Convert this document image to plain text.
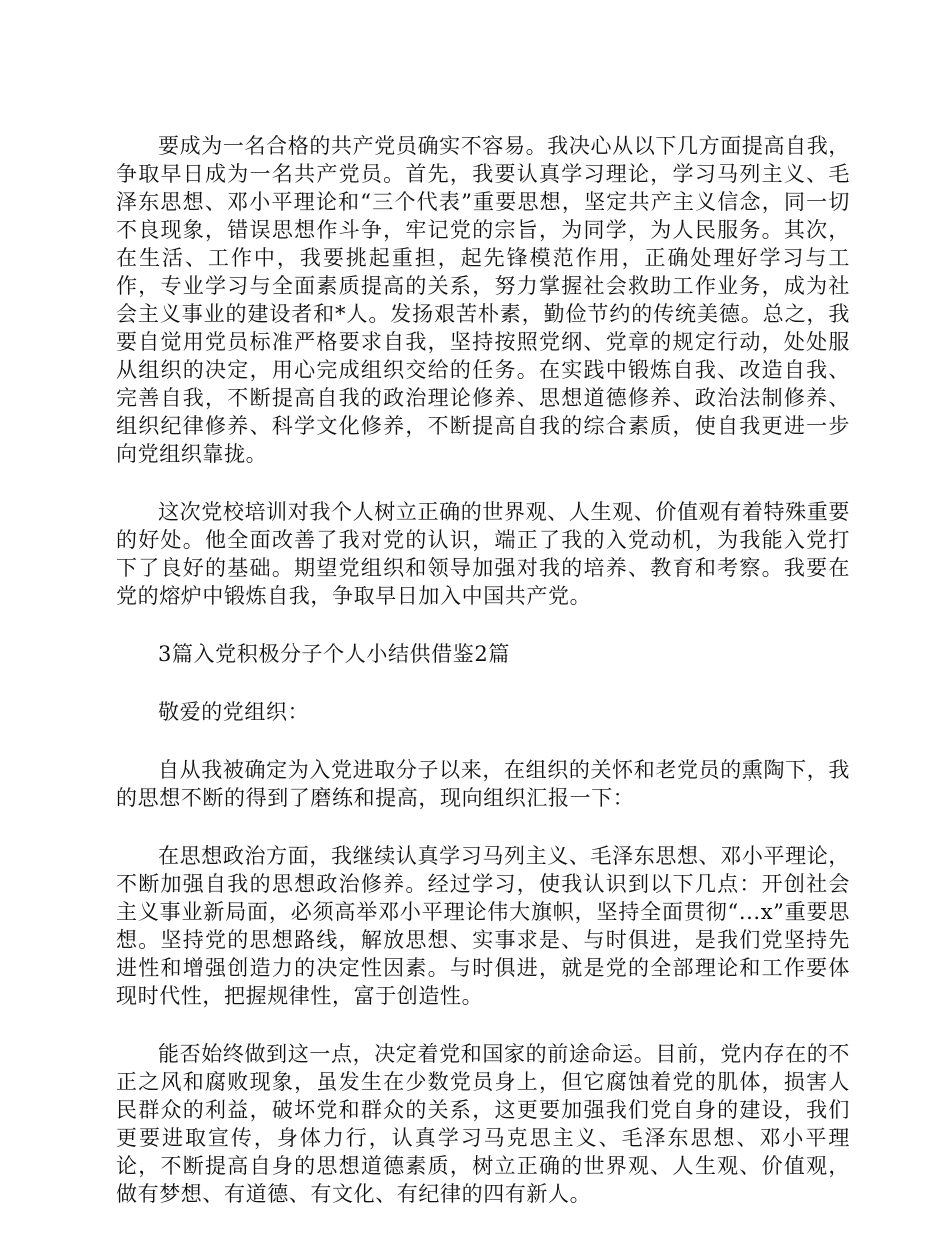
要成为一名合格的共产党员确实不容易。我决心从以下几方面提高自我，争取早日成为一名共产党员。首先，我要认真学习理论，学习马列主义、毛泽东思想、邓小平理论和“三个代表”重要思想，坚定共产主义信念，同一切不良现象，错误思想作斗争，牢记党的宗旨，为同学，为人民服务。其次，在生活、工作中，我要挑起重担，起先锋模范作用，正确处理好学习与工作，专业学习与全面素质提高的关系，努力掌握社会救助工作业务，成为社会主义事业的建设者和*人。发扬艰苦朴素，勤俭节约的传统美德。总之，我要自觉用党员标准严格要求自我，坚持按照党纲、党章的规定行动，处处服从组织的决定，用心完成组织交给的任务。在实践中锻炼自我、改造自我、完善自我，不断提高自我的政治理论修养、思想道德修养、政治法制修养、组织纪律修养、科学文化修养，不断提高自我的综合素质，使自我更进一步向党组织靠拢。

这次党校培训对我个人树立正确的世界观、人生观、价值观有着特殊重要的好处。他全面改善了我对党的认识，端正了我的入党动机，为我能入党打下了良好的基础。期望党组织和领导加强对我的培养、教育和考察。我要在党的熔炉中锻炼自我，争取早日加入中国共产党。

3篇入党积极分子个人小结供借鉴2篇

敬爱的党组织：

自从我被确定为入党进取分子以来，在组织的关怀和老党员的熏陶下，我的思想不断的得到了磨练和提高，现向组织汇报一下：

在思想政治方面，我继续认真学习马列主义、毛泽东思想、邓小平理论，不断加强自我的思想政治修养。经过学习，使我认识到以下几点：开创社会主义事业新局面，必须高举邓小平理论伟大旗帜，坚持全面贯彻“...x”重要思想。坚持党的思想路线，解放思想、实事求是、与时俱进，是我们党坚持先进性和增强创造力的决定性因素。与时俱进，就是党的全部理论和工作要体现时代性，把握规律性，富于创造性。

能否始终做到这一点，决定着党和国家的前途命运。目前，党内存在的不正之风和腐败现象，虽发生在少数党员身上，但它腐蚀着党的肌体，损害人民群众的利益，破坏党和群众的关系，这更要加强我们党自身的建设，我们更要进取宣传，身体力行，认真学习马克思主义、毛泽东思想、邓小平理论，不断提高自身的思想道德素质，树立正确的世界观、人生观、价值观，做有梦想、有道德、有文化、有纪律的四有新人。
